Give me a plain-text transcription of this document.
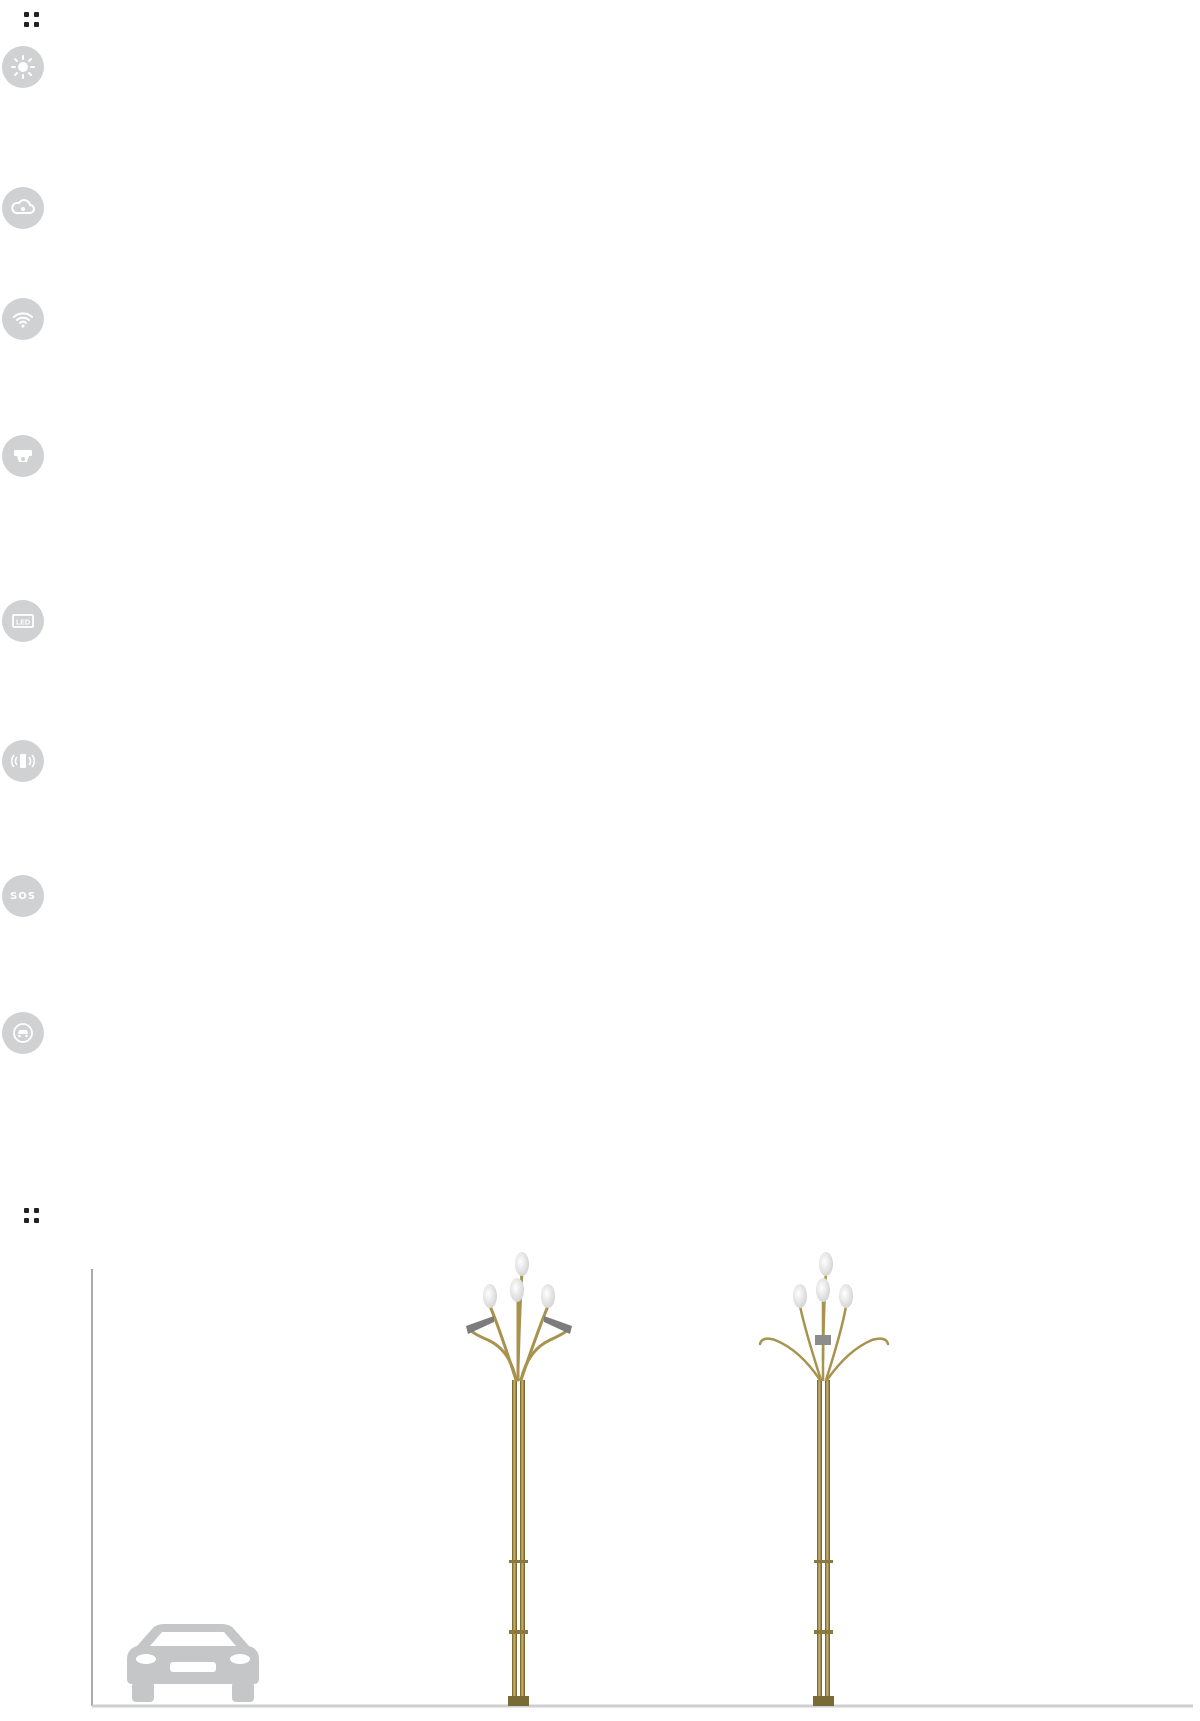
LED
SOS
